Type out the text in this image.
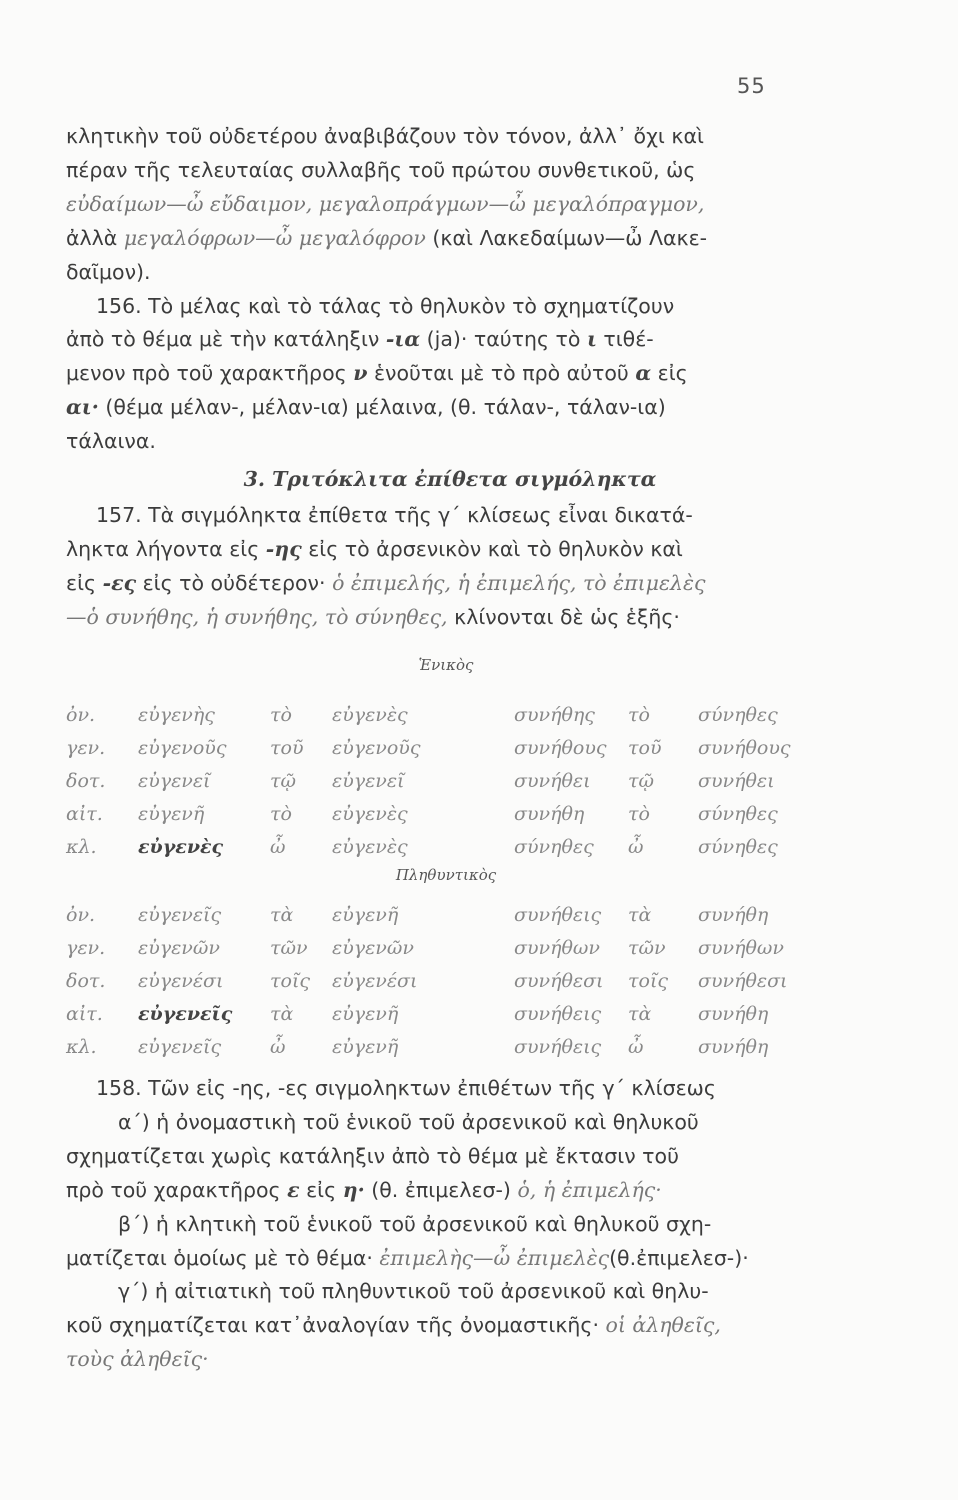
55
κλητικὴν τοῦ οὐδετέρου ἀναβιβάζουν τὸν τόνον, ἀλλ᾽ ὄχι καὶ
πέραν τῆς τελευταίας συλλαβῆς τοῦ πρώτου συνθετικοῦ, ὡς
εὐδαίμων—ὦ εὔδαιμον, μεγαλοπράγμων—ὦ μεγαλόπραγμον,
ἀλλὰ μεγαλόφρων—ὦ μεγαλόφρον (καὶ Λακεδαίμων—ὦ Λακε-
δαῖμον).
156. Τὸ μέλας καὶ τὸ τάλας τὸ θηλυκὸν τὸ σχηματίζουν
ἀπὸ τὸ θέμα μὲ τὴν κατάληξιν -ια (ja)· ταύτης τὸ ι τιθέ-
μενον πρὸ τοῦ χαρακτῆρος ν ἑνοῦται μὲ τὸ πρὸ αὐτοῦ α εἰς
αι· (θέμα μέλαν-, μέλαν-ια) μέλαινα, (θ. τάλαν-, τάλαν-ια)
τάλαινα.
3. Τριτόκλιτα ἐπίθετα σιγμόληκτα
157. Τὰ σιγμόληκτα ἐπίθετα τῆς γ΄ κλίσεως εἶναι δικατά-
ληκτα λήγοντα εἰς -ης εἰς τὸ ἀρσενικὸν καὶ τὸ θηλυκὸν καὶ
εἰς -ες εἰς τὸ οὐδέτερον· ὁ ἐπιμελής, ἡ ἐπιμελής, τὸ ἐπιμελὲς
—ὁ συνήθης, ἡ συνήθης, τὸ σύνηθες, κλίνονται δὲ ὡς ἑξῆς·
Ἑνικὸς
ὀν.	εὐγενὴς	τὸ	εὐγενὲς	συνήθης	τὸ	σύνηθες
γεν.	εὐγενοῦς	τοῦ	εὐγενοῦς	συνήθους	τοῦ	συνήθους
δοτ.	εὐγενεῖ	τῷ	εὐγενεῖ	συνήθει	τῷ	συνήθει
αἰτ.	εὐγενῆ	τὸ	εὐγενὲς	συνήθη	τὸ	σύνηθες
κλ.	εὐγενὲς	ὦ	εὐγενὲς	σύνηθες	ὦ	σύνηθες
Πληθυντικὸς
ὀν.	εὐγενεῖς	τὰ	εὐγενῆ	συνήθεις	τὰ	συνήθη
γεν.	εὐγενῶν	τῶν	εὐγενῶν	συνήθων	τῶν	συνήθων
δοτ.	εὐγενέσι	τοῖς	εὐγενέσι	συνήθεσι	τοῖς	συνήθεσι
αἰτ.	εὐγενεῖς	τὰ	εὐγενῆ	συνήθεις	τὰ	συνήθη
κλ.	εὐγενεῖς	ὦ	εὐγενῆ	συνήθεις	ὦ	συνήθη
158. Τῶν εἰς -ης, -ες σιγμοληκτων ἐπιθέτων τῆς γ΄ κλίσεως
α΄) ἡ ὀνομαστικὴ τοῦ ἑνικοῦ τοῦ ἀρσενικοῦ καὶ θηλυκοῦ
σχηματίζεται χωρὶς κατάληξιν ἀπὸ τὸ θέμα μὲ ἔκτασιν τοῦ
πρὸ τοῦ χαρακτῆρος ε εἰς η· (θ. ἐπιμελεσ-) ὁ, ἡ ἐπιμελής·
β΄) ἡ κλητικὴ τοῦ ἑνικοῦ τοῦ ἀρσενικοῦ καὶ θηλυκοῦ σχη-
ματίζεται ὁμοίως μὲ τὸ θέμα· ἐπιμελὴς—ὦ ἐπιμελὲς(θ.ἐπιμελεσ-)·
γ΄) ἡ αἰτιατικὴ τοῦ πληθυντικοῦ τοῦ ἀρσενικοῦ καὶ θηλυ-
κοῦ σχηματίζεται κατ᾽ἀναλογίαν τῆς ὀνομαστικῆς· οἱ ἀληθεῖς,
τοὺς ἀληθεῖς·
